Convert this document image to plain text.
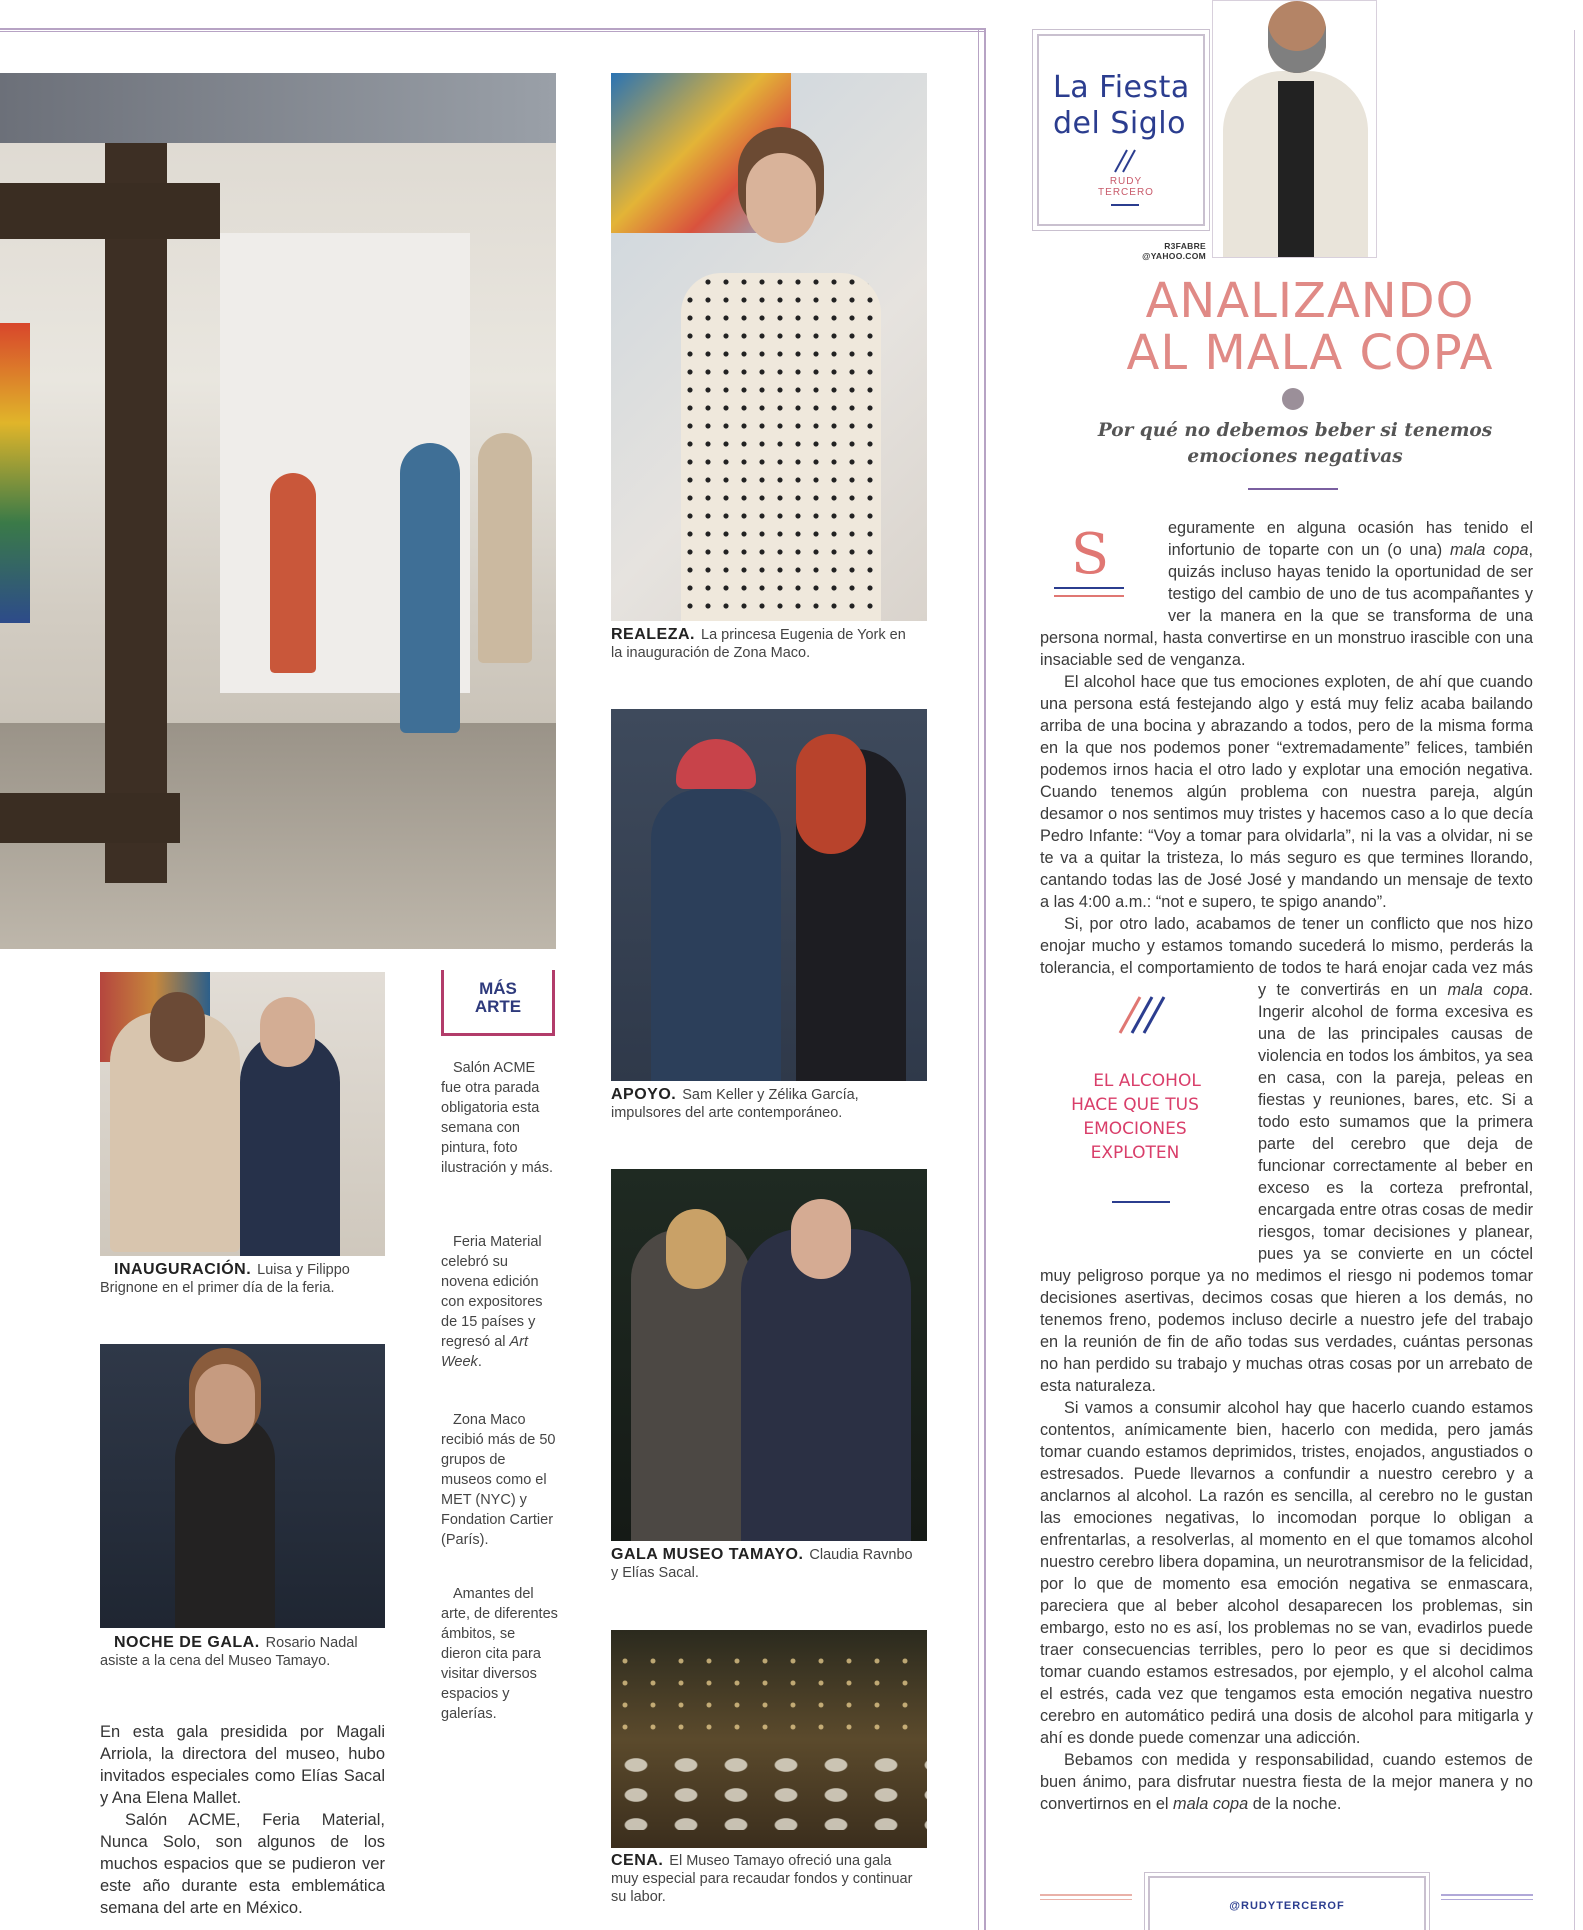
REALEZA. La princesa Eugenia de York en la inauguración de Zona Maco.
APOYO. Sam Keller y Zélika García, impulsores del arte contemporáneo.
GALA MUSEO TAMAYO. Claudia Ravnbo y Elías Sacal.
CENA. El Museo Tamayo ofreció una gala muy especial para recaudar fondos y continuar su labor.
INAUGURACIÓN. Luisa y Filippo Brignone en el primer día de la feria.
NOCHE DE GALA. Rosario Nadal asiste a la cena del Museo Tamayo.
MÁS
ARTE
Salón ACME fue otra parada obligatoria esta semana con pintura, foto ilustración y más.
Feria Material celebró su novena edición con expositores de 15 países y regresó al Art Week.
Zona Maco recibió más de 50 grupos de museos como el MET (NYC) y Fondation Cartier (París).
Amantes del arte, de diferentes ámbitos, se dieron cita para visitar diversos espacios y galerías.

En esta gala presidida por Magali Arriola, la directora del museo, hubo invitados especiales como Elías Sacal y Ana Elena Mallet.

Salón ACME, Feria Material, Nunca Solo, son algunos de los muchos espacios que se pudieron ver este año durante esta emblemática semana del arte en México.

La Fiesta
del Siglo
RUDY
TERCERO
R3FABRE
@YAHOO.COM
ANALIZANDO
AL MALA COPA
Por qué no debemos beber si tenemos emociones negativas
S	eguramente en alguna ocasión has tenido el infortunio de toparte con un (o una) mala copa, quizás incluso hayas tenido la oportunidad de ser testigo del cambio de uno de tus acompañantes y ver la manera en la que se transforma de una persona normal, hasta convertirse en un monstruo irascible con una insaciable sed de venganza.

El alcohol hace que tus emociones exploten, de ahí que cuando una persona está festejando algo y está muy feliz acaba bailando arriba de una bocina y abrazando a todos, pero de la misma forma en la que nos podemos poner “extremadamente” felices, también podemos irnos hacia el otro lado y explotar una emoción negativa. Cuando tenemos algún problema con nuestra pareja, algún desamor o nos sentimos muy tristes y hacemos caso a lo que decía Pedro Infante: “Voy a tomar para olvidarla”, ni la vas a olvidar, ni se te va a quitar la tristeza, lo más seguro es que termines llorando, cantando todas las de José José y mandando un mensaje de texto a las 4:00 a.m.: “not e supero, te spigo anando”.

Si, por otro lado, acabamos de tener un conflicto que nos hizo enojar mucho y estamos tomando sucederá lo mismo, perderás la tolerancia, el comportamiento de todos te hará enojar cada vez más y te convertirás en un mala copa
EL ALCOHOL HACE QUE TUS EMOCIONES EXPLOTEN
. Ingerir alcohol de forma excesiva es una de las principales causas de violencia en todos los ámbitos, ya sea en casa, con la pareja, peleas en fiestas y reuniones, bares, etc. Si a todo esto sumamos que la primera parte del cerebro que deja de funcionar correctamente al beber en exceso es la corteza prefrontal, encargada entre otras cosas de medir riesgos, tomar decisiones y planear, pues ya se convierte en un cóctel muy peligroso porque ya no medimos el riesgo ni podemos tomar decisiones asertivas, decimos cosas que hieren a los demás, no tenemos freno, podemos incluso decirle a nuestro jefe del trabajo en la reunión de fin de año todas sus verdades, cuántas personas no han perdido su trabajo y muchas otras cosas por un arrebato de esta naturaleza.

Si vamos a consumir alcohol hay que hacerlo cuando estamos contentos, anímicamente bien, hacerlo con medida, pero jamás tomar cuando estamos deprimidos, tristes, enojados, angustiados o estresados. Puede llevarnos a confundir a nuestro cerebro y a anclarnos al alcohol. La razón es sencilla, al cerebro no le gustan las emociones negativas, lo incomodan porque lo obligan a enfrentarlas, a resolverlas, al momento en el que tomamos alcohol nuestro cerebro libera dopamina, un neurotransmisor de la felicidad, por lo que de momento esa emoción negativa se enmascara, pareciera que al beber alcohol desaparecen los problemas, sin embargo, esto no es así, los problemas no se van, evadirlos puede traer consecuencias terribles, pero lo peor es que si decidimos tomar cuando estamos estresados, por ejemplo, y el alcohol calma el estrés, cada vez que tengamos esta emoción negativa nuestro cerebro en automático pedirá una dosis de alcohol para mitigarla y ahí es donde puede comenzar una adicción.

Bebamos con medida y responsabilidad, cuando estemos de buen ánimo, para disfrutar nuestra fiesta de la mejor manera y no convertirnos en el mala copa de la noche.

@RUDYTERCEROF
